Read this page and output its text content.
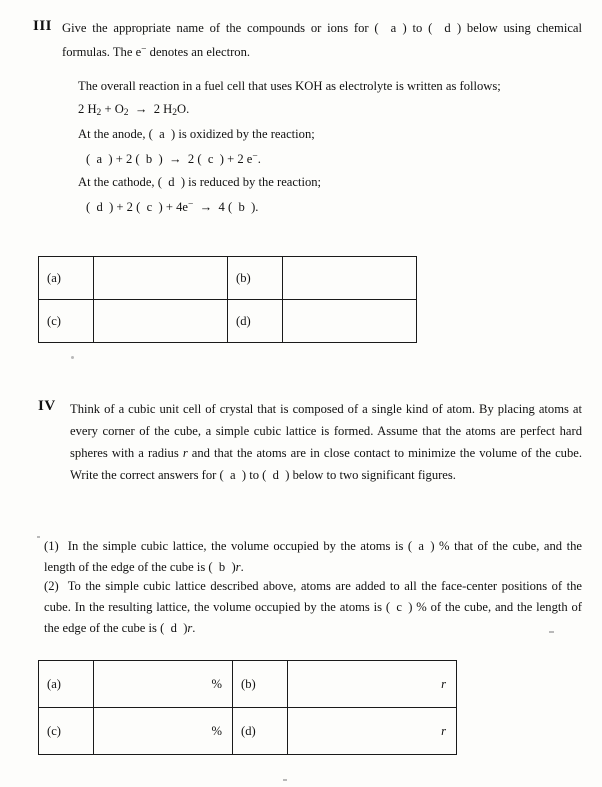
III Give the appropriate name of the compounds or ions for ( a ) to ( d ) below using chemical formulas. The e− denotes an electron.
The overall reaction in a fuel cell that uses KOH as electrolyte is written as follows;
2 $H_2 + O_2 \to 2$ $H_2O$.
At the anode, ( a ) is oxidized by the reaction;
(  a  ) + 2 (  b  )  →  2 (  c  ) + 2 e−.
At the cathode, ( d ) is reduced by the reaction;
(  d  ) + 2 (  c  ) + 4e−  →  4 (  b  ).
(a)		(b)	
(c)		(d)	
IV Think of a cubic unit cell of crystal that is composed of a single kind of atom. By placing atoms at every corner of the cube, a simple cubic lattice is formed. Assume that the atoms are perfect hard spheres with a radius r and that the atoms are in close contact to minimize the volume of the cube. Write the correct answers for ( a ) to ( d ) below to two significant figures.
(1) In the simple cubic lattice, the volume occupied by the atoms is ( a ) % that of the cube, and the length of the edge of the cube is ( b )r.
(2) To the simple cubic lattice described above, atoms are added to all the face-center positions of the cube. In the resulting lattice, the volume occupied by the atoms is ( c ) % of the cube, and the length of the edge of the cube is ( d )r.
(a)	%	(b)	r
(c)	%	(d)	r
